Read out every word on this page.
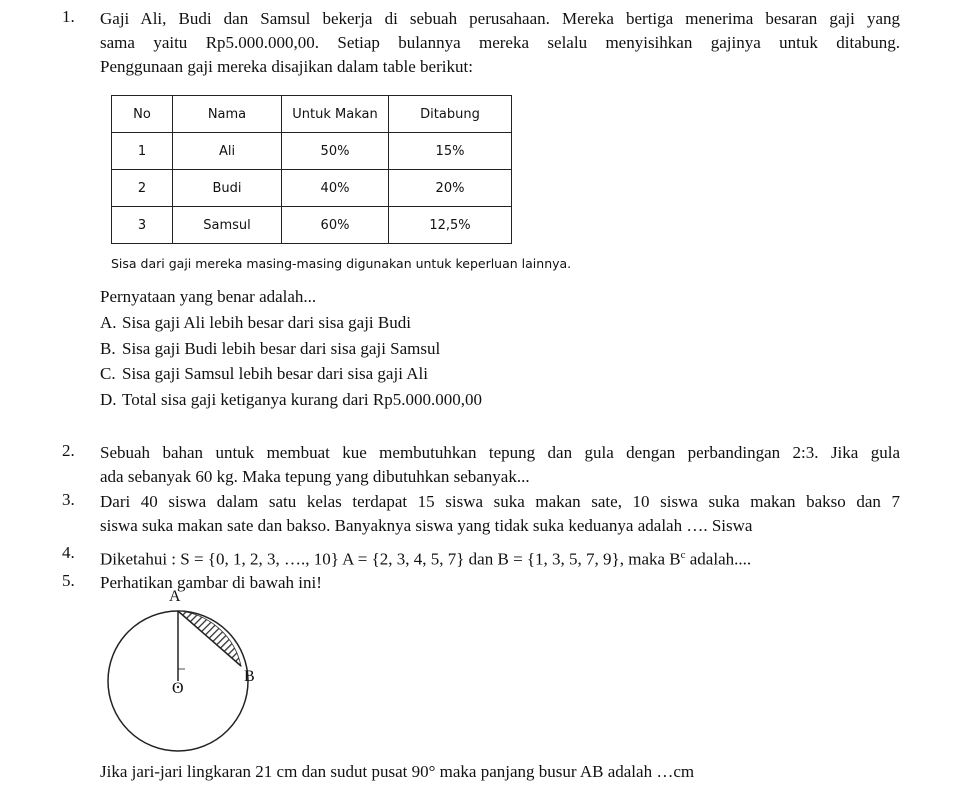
1. Gaji Ali, Budi dan Samsul bekerja di sebuah perusahaan. Mereka bertiga menerima besaran gaji yang
sama yaitu Rp5.000.000,00. Setiap bulannya mereka selalu menyisihkan gajinya untuk ditabung.
Penggunaan gaji mereka disajikan dalam table berikut:
No	Nama	Untuk Makan	Ditabung
1	Ali	50%	15%
2	Budi	40%	20%
3	Samsul	60%	12,5%
Sisa dari gaji mereka masing-masing digunakan untuk keperluan lainnya.
Pernyataan yang benar adalah...
A. Sisa gaji Ali lebih besar dari sisa gaji Budi
B. Sisa gaji Budi lebih besar dari sisa gaji Samsul
C. Sisa gaji Samsul lebih besar dari sisa gaji Ali
D. Total sisa gaji ketiganya kurang dari Rp5.000.000,00
2. Sebuah bahan untuk membuat kue membutuhkan tepung dan gula dengan perbandingan 2:3. Jika gula
ada sebanyak 60 kg. Maka tepung yang dibutuhkan sebanyak...
3. Dari 40 siswa dalam satu kelas terdapat 15 siswa suka makan sate, 10 siswa suka makan bakso dan 7
siswa suka makan sate dan bakso. Banyaknya siswa yang tidak suka keduanya adalah …. Siswa
4. Diketahui : S = {0, 1, 2, 3, …., 10} A = {2, 3, 4, 5, 7} dan B = {1, 3, 5, 7, 9}, maka $B^c$ adalah....
5. Perhatikan gambar di bawah ini!
A
B
O
Jika jari-jari lingkaran 21 cm dan sudut pusat 90° maka panjang busur AB adalah …cm
